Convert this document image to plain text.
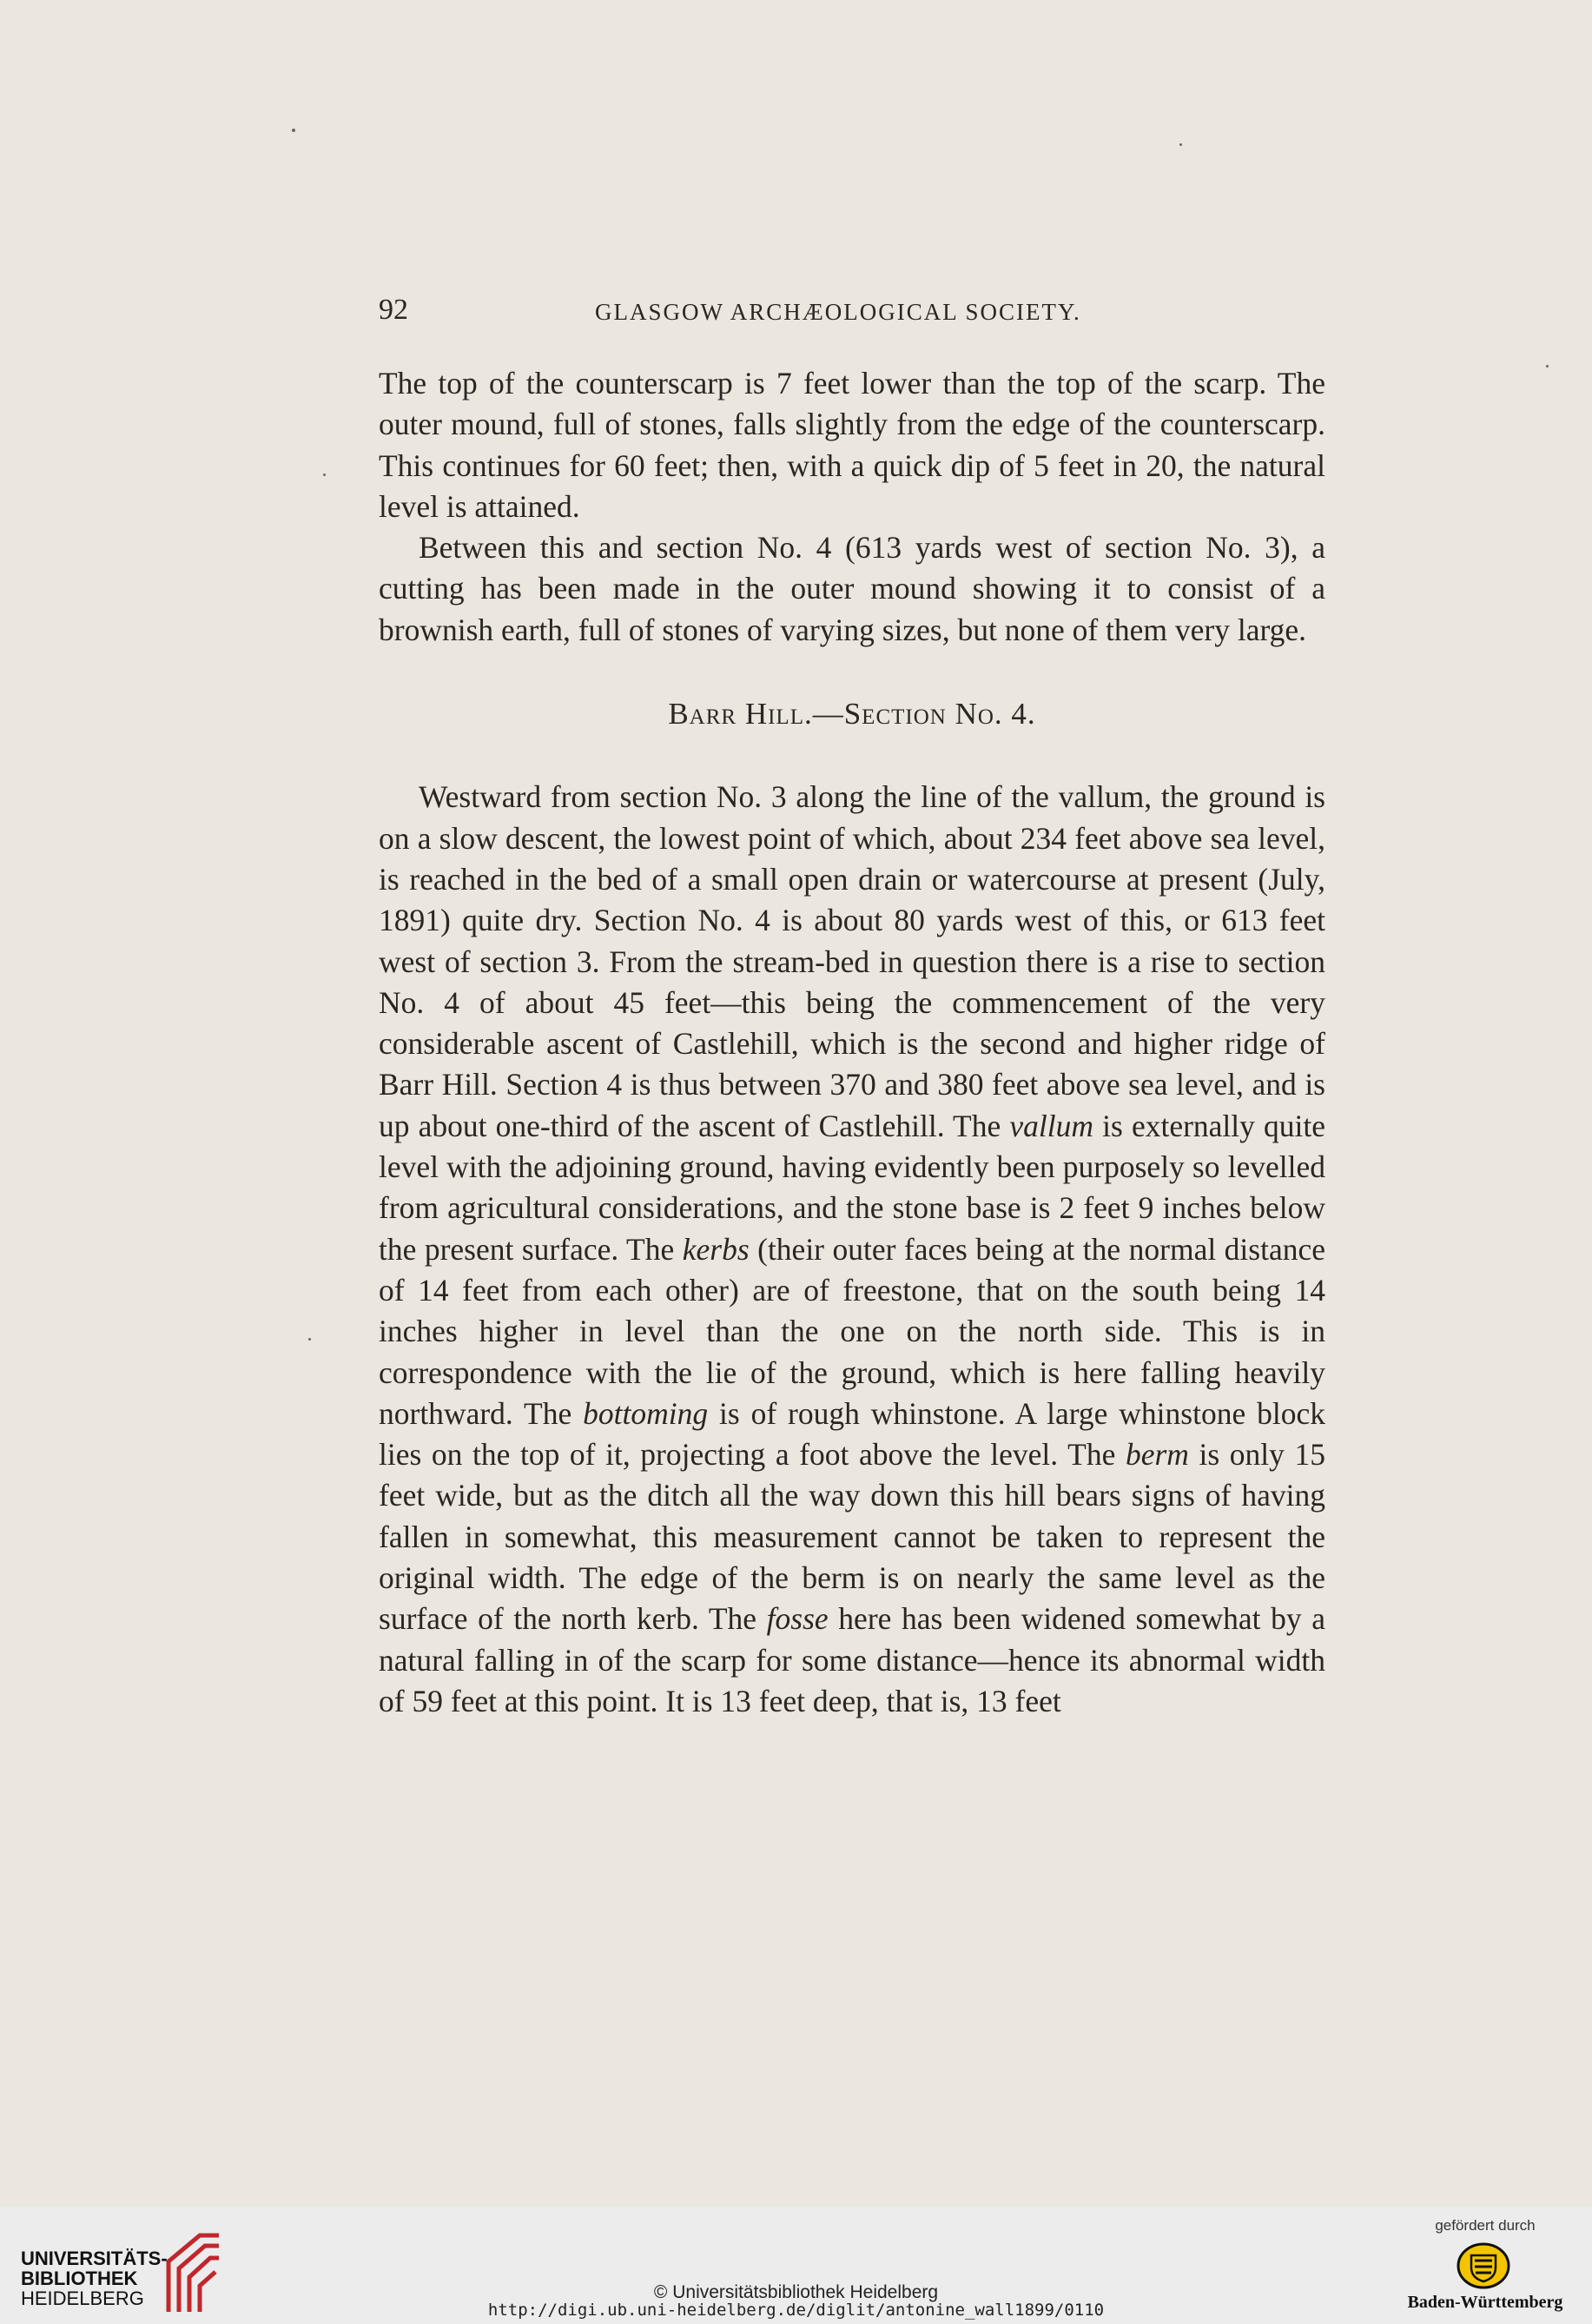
92	GLASGOW ARCHÆOLOGICAL SOCIETY.

The top of the counterscarp is 7 feet lower than the top of the scarp. The outer mound, full of stones, falls slightly from the edge of the counterscarp. This continues for 60 feet; then, with a quick dip of 5 feet in 20, the natural level is attained.

Between this and section No. 4 (613 yards west of section No. 3), a cutting has been made in the outer mound showing it to consist of a brownish earth, full of stones of varying sizes, but none of them very large.

Barr Hill.—Section No. 4.

Westward from section No. 3 along the line of the vallum, the ground is on a slow descent, the lowest point of which, about 234 feet above sea level, is reached in the bed of a small open drain or watercourse at present (July, 1891) quite dry. Section No. 4 is about 80 yards west of this, or 613 feet west of section 3. From the stream-bed in question there is a rise to section No. 4 of about 45 feet—this being the commencement of the very considerable ascent of Castlehill, which is the second and higher ridge of Barr Hill. Section 4 is thus between 370 and 380 feet above sea level, and is up about one-third of the ascent of Castlehill. The vallum is externally quite level with the adjoining ground, having evidently been purposely so levelled from agricultural considerations, and the stone base is 2 feet 9 inches below the present surface. The kerbs (their outer faces being at the normal distance of 14 feet from each other) are of freestone, that on the south being 14 inches higher in level than the one on the north side. This is in correspondence with the lie of the ground, which is here falling heavily northward. The bottoming is of rough whinstone. A large whinstone block lies on the top of it, projecting a foot above the level. The berm is only 15 feet wide, but as the ditch all the way down this hill bears signs of having fallen in somewhat, this measurement cannot be taken to represent the original width. The edge of the berm is on nearly the same level as the surface of the north kerb. The fosse here has been widened somewhat by a natural falling in of the scarp for some distance—hence its abnormal width of 59 feet at this point. It is 13 feet deep, that is, 13 feet

UNIVERSITÄTS-
BIBLIOTHEK
HEIDELBERG	© Universitätsbibliothek Heidelberg
http://digi.ub.uni-heidelberg.de/diglit/antonine_wall1899/0110
gefördert durch
Baden-Württemberg
